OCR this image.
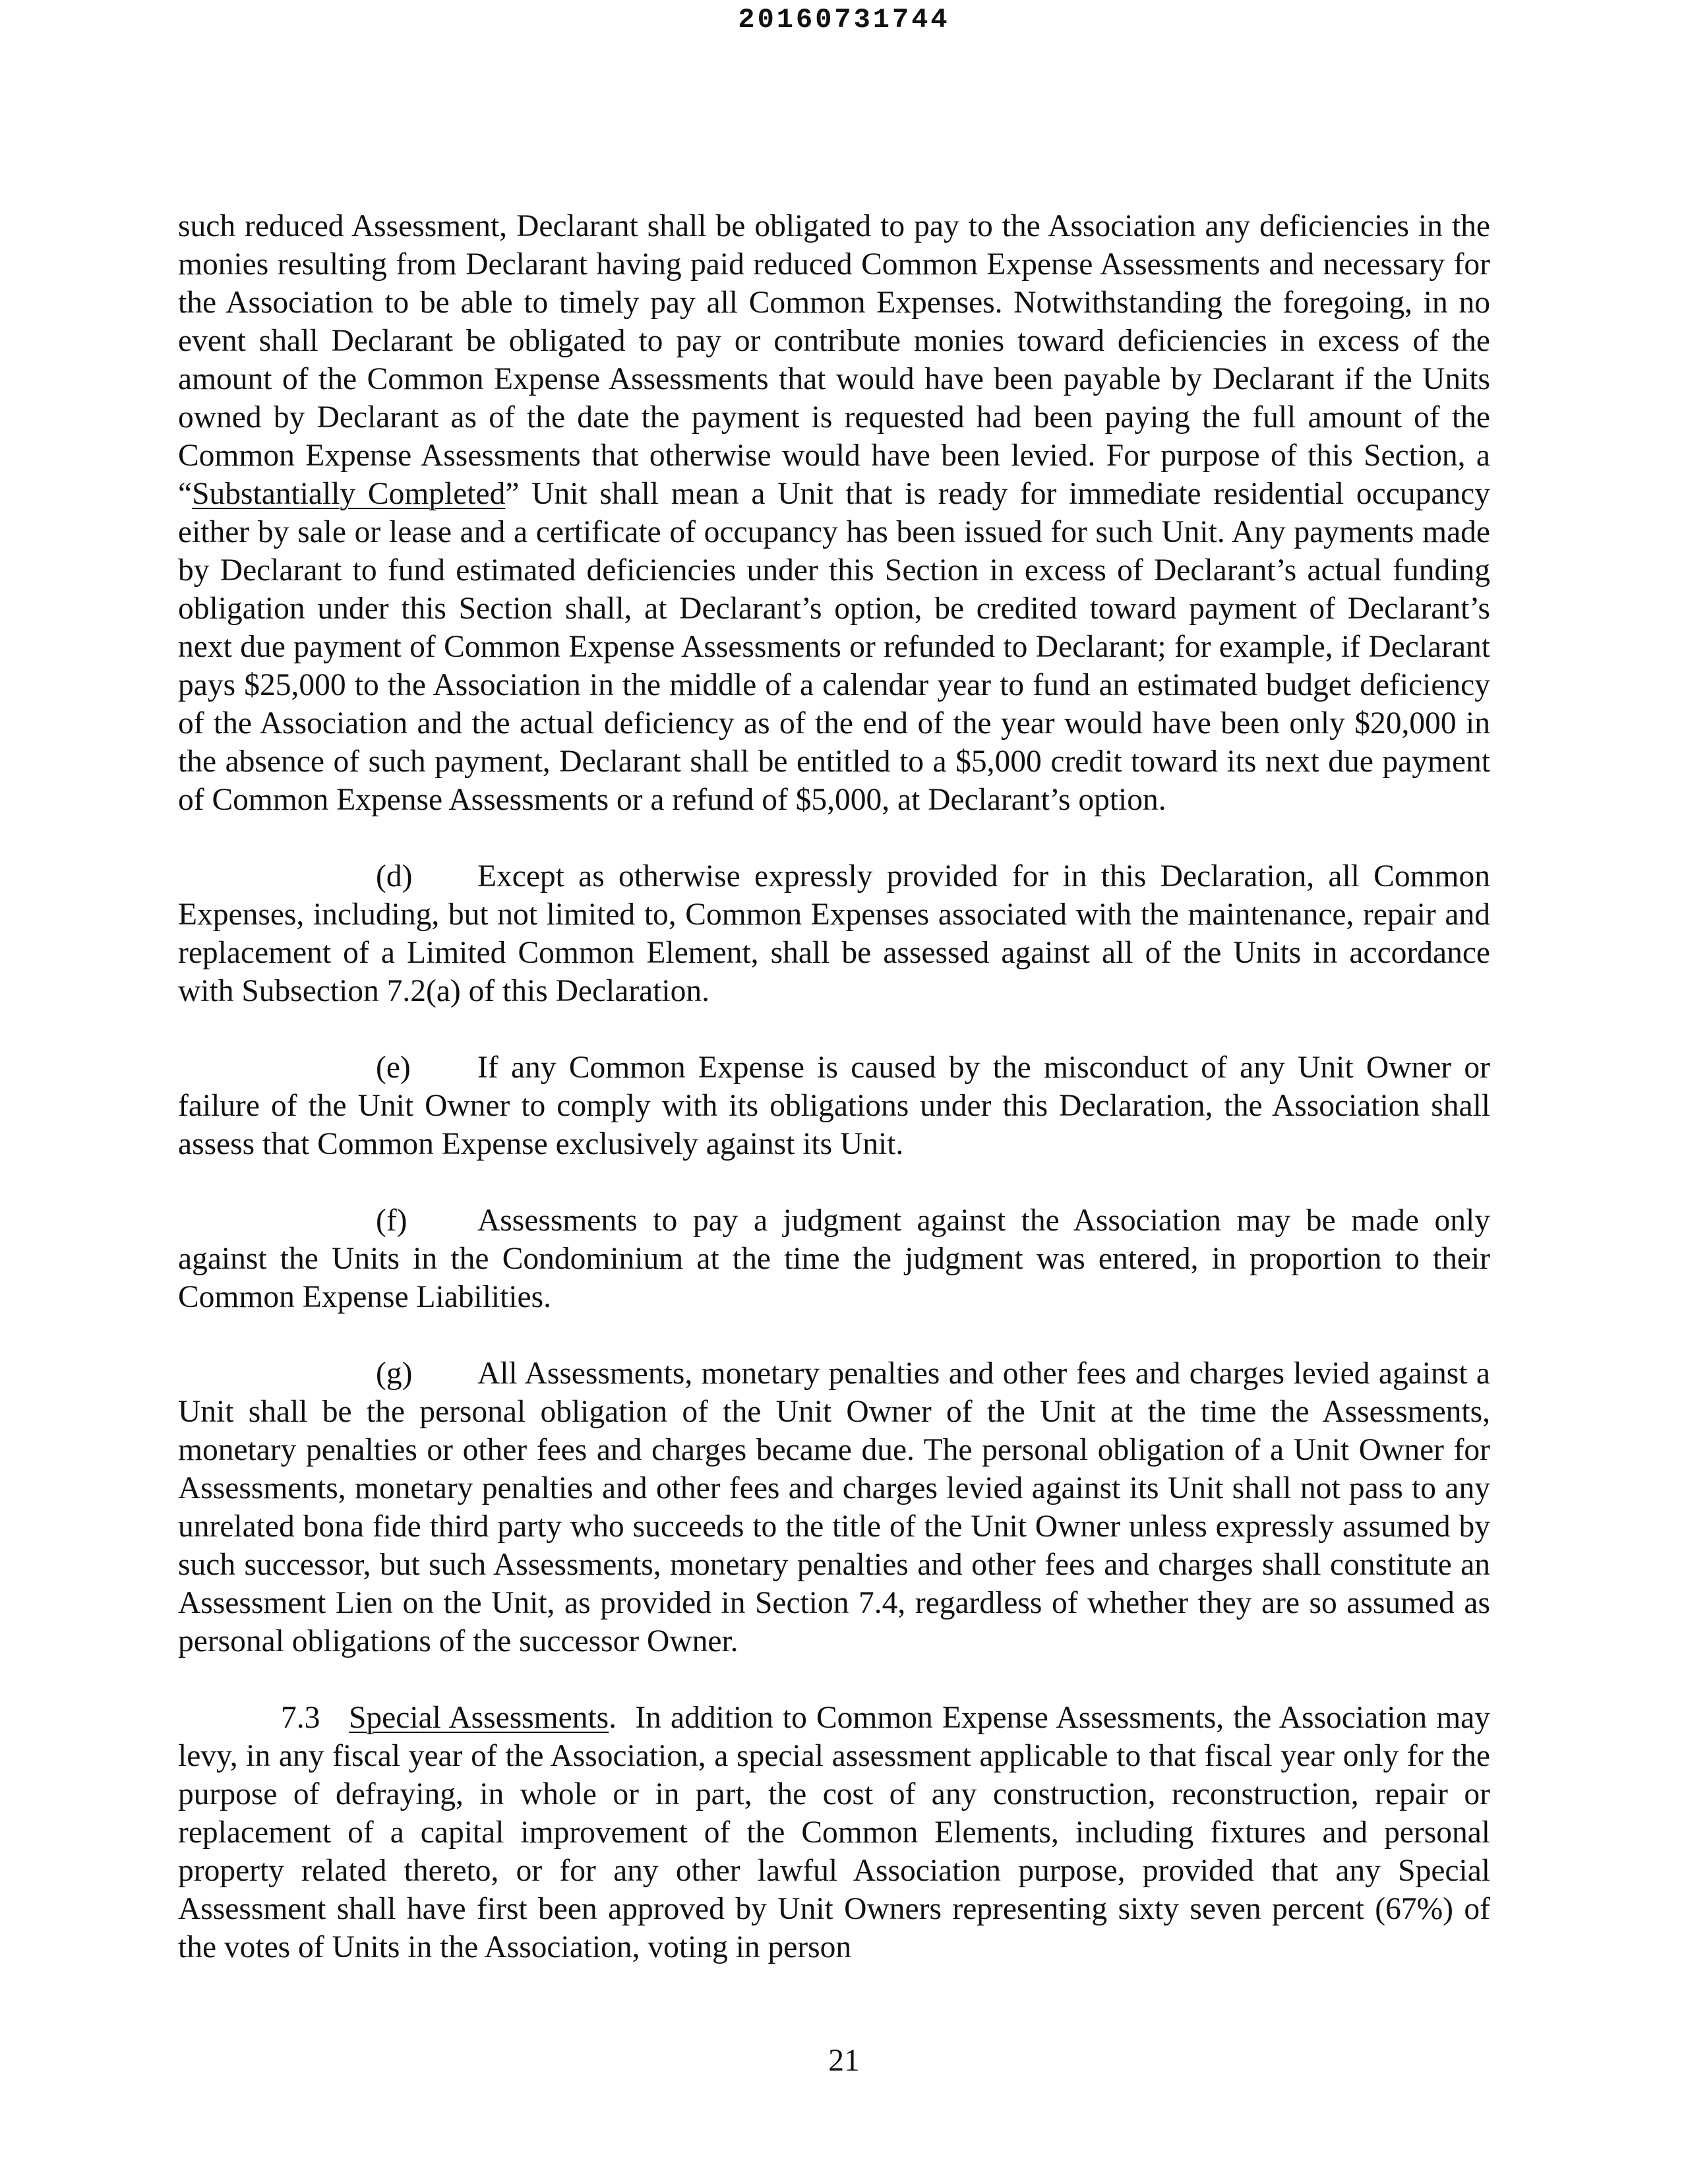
20160731744

such reduced Assessment, Declarant shall be obligated to pay to the Association any deficiencies in the monies resulting from Declarant having paid reduced Common Expense Assessments and necessary for the Association to be able to timely pay all Common Expenses. Notwithstanding the foregoing, in no event shall Declarant be obligated to pay or contribute monies toward deficiencies in excess of the amount of the Common Expense Assessments that would have been payable by Declarant if the Units owned by Declarant as of the date the payment is requested had been paying the full amount of the Common Expense Assessments that otherwise would have been levied. For purpose of this Section, a “Substantially Completed” Unit shall mean a Unit that is ready for immediate residential occupancy either by sale or lease and a certificate of occupancy has been issued for such Unit. Any payments made by Declarant to fund estimated deficiencies under this Section in excess of Declarant’s actual funding obligation under this Section shall, at Declarant’s option, be credited toward payment of Declarant’s next due payment of Common Expense Assessments or refunded to Declarant; for example, if Declarant pays $25,000 to the Association in the middle of a calendar year to fund an estimated budget deficiency of the Association and the actual deficiency as of the end of the year would have been only $20,000 in the absence of such payment, Declarant shall be entitled to a $5,000 credit toward its next due payment of Common Expense Assessments or a refund of $5,000, at Declarant’s option.

(d) Except as otherwise expressly provided for in this Declaration, all Common Expenses, including, but not limited to, Common Expenses associated with the maintenance, repair and replacement of a Limited Common Element, shall be assessed against all of the Units in accordance with Subsection 7.2(a) of this Declaration.

(e) If any Common Expense is caused by the misconduct of any Unit Owner or failure of the Unit Owner to comply with its obligations under this Declaration, the Association shall assess that Common Expense exclusively against its Unit.

(f) Assessments to pay a judgment against the Association may be made only against the Units in the Condominium at the time the judgment was entered, in proportion to their Common Expense Liabilities.

(g) All Assessments, monetary penalties and other fees and charges levied against a Unit shall be the personal obligation of the Unit Owner of the Unit at the time the Assessments, monetary penalties or other fees and charges became due. The personal obligation of a Unit Owner for Assessments, monetary penalties and other fees and charges levied against its Unit shall not pass to any unrelated bona fide third party who succeeds to the title of the Unit Owner unless expressly assumed by such successor, but such Assessments, monetary penalties and other fees and charges shall constitute an Assessment Lien on the Unit, as provided in Section 7.4, regardless of whether they are so assumed as personal obligations of the successor Owner.

7.3 Special Assessments. In addition to Common Expense Assessments, the Association may levy, in any fiscal year of the Association, a special assessment applicable to that fiscal year only for the purpose of defraying, in whole or in part, the cost of any construction, reconstruction, repair or replacement of a capital improvement of the Common Elements, including fixtures and personal property related thereto, or for any other lawful Association purpose, provided that any Special Assessment shall have first been approved by Unit Owners representing sixty seven percent (67%) of the votes of Units in the Association, voting in person

21
